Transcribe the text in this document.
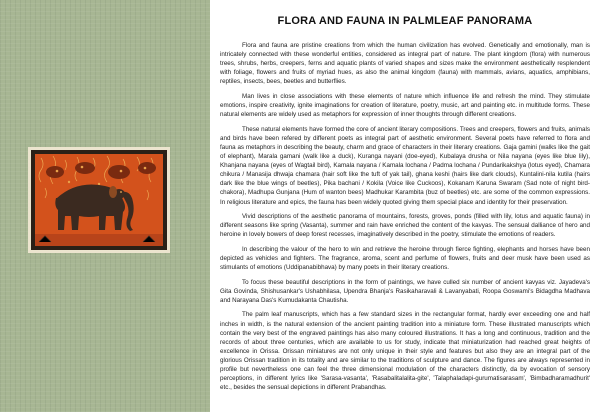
FLORA AND FAUNA IN PALMLEAF PANORAMA

Flora and fauna are pristine creations from which the human civilization has evolved. Genetically and emotionally, man is intricately connected with these wonderful entities, considered as integral part of nature. The plant kingdom (flora) with numerous trees, shrubs, herbs, creepers, ferns and aquatic plants of varied shapes and sizes make the environment aesthetically resplendent with foliage, flowers and fruits of myriad hues, as also the animal kingdom (fauna) with mammals, avians, aquatics, amphibians, reptiles, insects, bees, beetles and butterflies.

Man lives in close associations with these elements of nature which influence life and refresh the mind. They stimulate emotions, inspire creativity, ignite imaginations for creation of literature, poetry, music, art and painting etc. in multitude forms. These natural elements are widely used as metaphors for expression of inner thoughts through different creations.

These natural elements have formed the core of ancient literary compositions. Trees and creepers, flowers and fruits, animals and birds have been refered by different poets as integral part of aesthetic environment. Several poets have referred to flora and fauna as metaphors in describing the beauty, charm and grace of characters in their literary creations. Gaja gamini (walks like the gait of elephant), Marala gamani (walk like a duck), Kuranga nayani (doe-eyed), Kubalaya drusha or Nila nayana (eyes like blue lily), Khanjana nayana (eyes of Wagtail bird), Kamala nayana / Kamala lochana / Padma lochana / Pundarikakshya (lotus eyed), Chamara chikura / Manasija dhwaja chamara (hair soft like the tuft of yak tail), ghana keshi (hairs like dark clouds), Kuntalini-nila kutila (hairs dark like the blue wings of beetles), Pika bachani / Kokila (Voice like Cuckoos), Kokanam Karuna Swaram (Sad note of night bird-chakora), Madhupa Gunjana (Hum of wanton bees) Madhukar Karambita (buz of beetles) etc. are some of the common expressions. In religious literature and epics, the fauna has been widely quoted giving them special place and identity for their preservation.

Vivid descriptions of the aesthetic panorama of mountains, forests, groves, ponds (filled with lily, lotus and aquatic fauna) in different seasons like spring (Vasanta), summer and rain have enriched the content of the kavyas. The sensual dalliance of hero and heroine in lovely bowers of deep forest recesses, imaginatively described in the poetry, stimulate the emotions of readers.

In describing the valour of the hero to win and retrieve the heroine through fierce fighting, elephants and horses have been depicted as vehicles and fighters. The fragrance, aroma, scent and perfume of flowers, fruits and deer musk have been used as stimulants of emotions (Uddipanabibhava) by many poets in their literary creations.

To focus these beautiful descriptions in the form of paintings, we have culled six number of ancient kavyas viz. Jayadeva's Gita Govinda, Shishusankar's Ushabhilasa, Upendra Bhanja's Rasikaharavali & Lavanyabati, Roopa Goswami's Bidagdha Madhava and Narayana Das's Kumudakanta Chautisha.

The palm leaf manuscripts, which has a few standard sizes in the rectangular format, hardly ever exceeding one and half inches in width, is the natural extension of the ancient painting tradition into a miniature form. These illustrated manuscripts which contain the very best of the engraved paintings has also many coloured illustrations. It has a long and continuous, tradition and the records of about three centuries, which are available to us for study, indicate that miniaturization had reached great heights of excellence in Orissa. Orissan miniatures are not only unique in their style and features but also they are an integral part of the glorious Orissan tradition in its totality and are similar to the traditions of sculpture and dance. The figures are always represented in profile but nevertheless one can feel the three dimensional modulation of the characters distinctly, da by evocation of sensory perceptions, in different lyrics like 'Sarasa-vasanta', 'Rasabalitalalita-gite', 'Talaphaladapi-gurumatisarasam', 'Bimbadharamadhurit' etc., besides the sensual depictions in different Prabandhas.
